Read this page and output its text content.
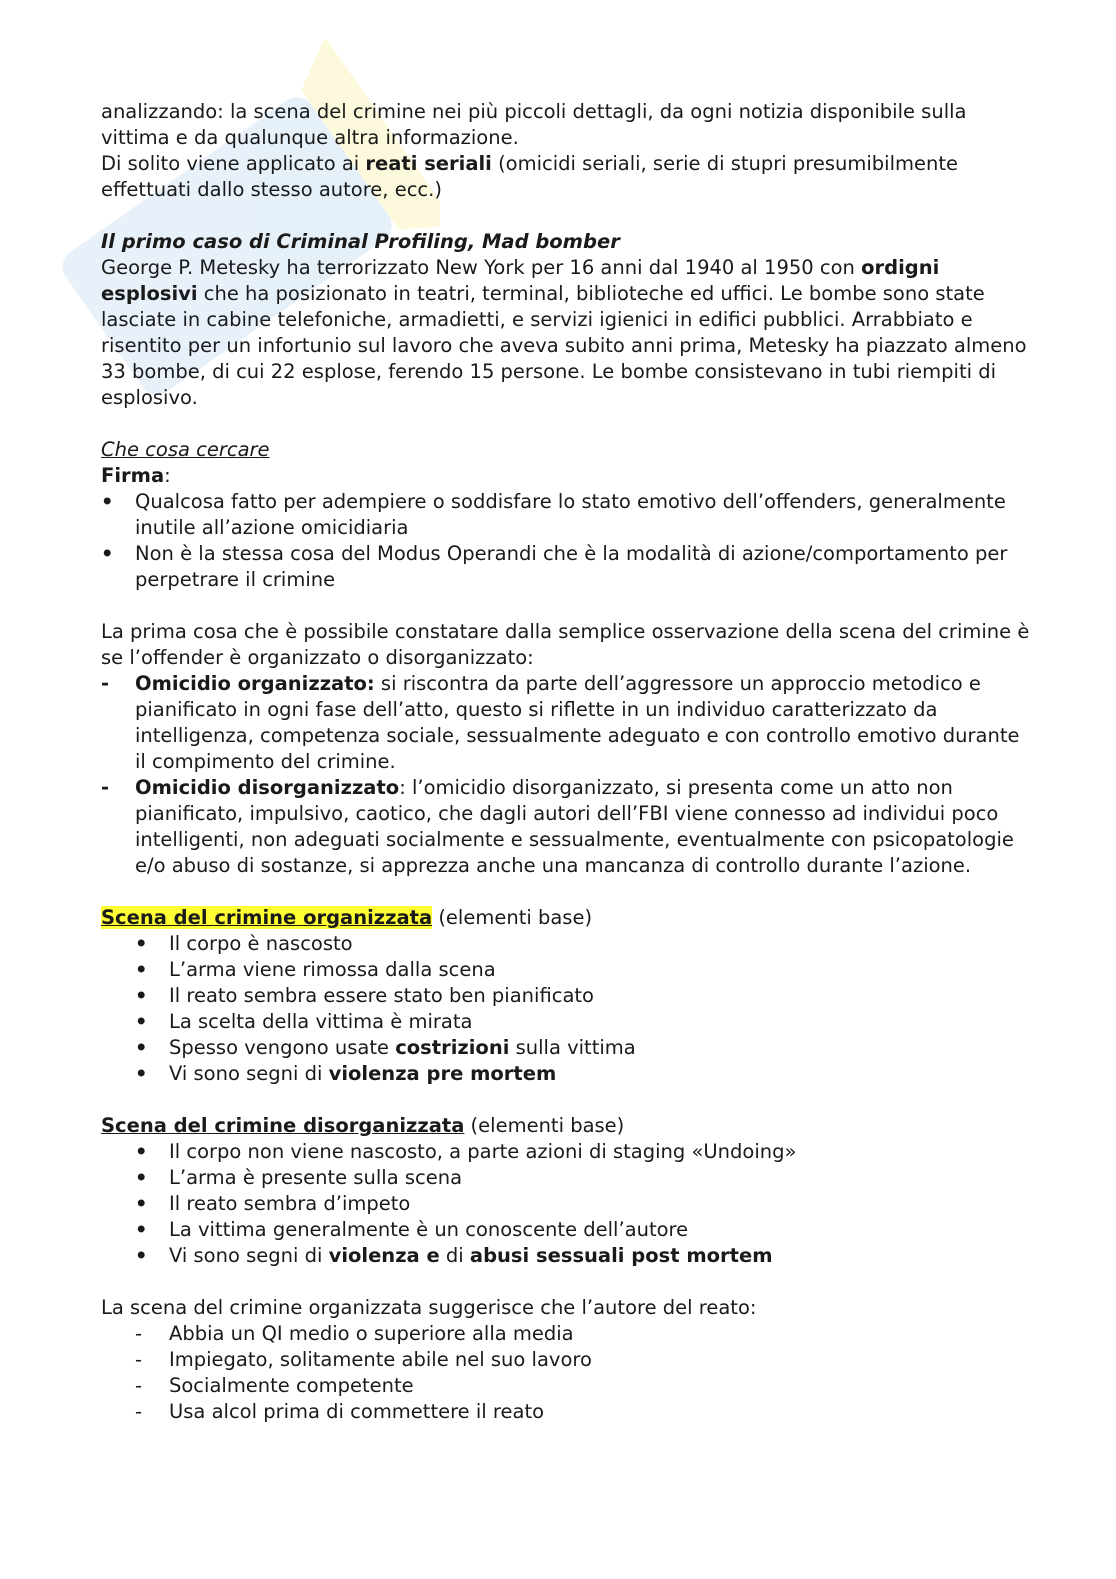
analizzando: la scena del crimine nei più piccoli dettagli, da ogni notizia disponibile sulla vittima e da qualunque altra informazione.

Di solito viene applicato ai reati seriali (omicidi seriali, serie di stupri presumibilmente effettuati dallo stesso autore, ecc.)

Il primo caso di Criminal Profiling, Mad bomber

George P. Metesky ha terrorizzato New York per 16 anni dal 1940 al 1950 con ordigni esplosivi che ha posizionato in teatri, terminal, biblioteche ed uffici. Le bombe sono state lasciate in cabine telefoniche, armadietti, e servizi igienici in edifici pubblici. Arrabbiato e risentito per un infortunio sul lavoro che aveva subito anni prima, Metesky ha piazzato almeno 33 bombe, di cui 22 esplose, ferendo 15 persone. Le bombe consistevano in tubi riempiti di esplosivo.

Che cosa cercare

Firma:

• Qualcosa fatto per adempiere o soddisfare lo stato emotivo dell’offenders, generalmente inutile all’azione omicidiaria
• Non è la stessa cosa del Modus Operandi che è la modalità di azione/comportamento per perpetrare il crimine

La prima cosa che è possibile constatare dalla semplice osservazione della scena del crimine è se l’offender è organizzato o disorganizzato:

- Omicidio organizzato: si riscontra da parte dell’aggressore un approccio metodico e pianificato in ogni fase dell’atto, questo si riflette in un individuo caratterizzato da intelligenza, competenza sociale, sessualmente adeguato e con controllo emotivo durante il compimento del crimine.
- Omicidio disorganizzato: l’omicidio disorganizzato, si presenta come un atto non pianificato, impulsivo, caotico, che dagli autori dell’FBI viene connesso ad individui poco intelligenti, non adeguati socialmente e sessualmente, eventualmente con psicopatologie e/o abuso di sostanze, si apprezza anche una mancanza di controllo durante l’azione.

Scena del crimine organizzata (elementi base)

• Il corpo è nascosto
• L’arma viene rimossa dalla scena
• Il reato sembra essere stato ben pianificato
• La scelta della vittima è mirata
• Spesso vengono usate costrizioni sulla vittima
• Vi sono segni di violenza pre mortem

Scena del crimine disorganizzata (elementi base)

• Il corpo non viene nascosto, a parte azioni di staging «Undoing»
• L’arma è presente sulla scena
• Il reato sembra d’impeto
• La vittima generalmente è un conoscente dell’autore
• Vi sono segni di violenza e di abusi sessuali post mortem

La scena del crimine organizzata suggerisce che l’autore del reato:

- Abbia un QI medio o superiore alla media
- Impiegato, solitamente abile nel suo lavoro
- Socialmente competente
- Usa alcol prima di commettere il reato
